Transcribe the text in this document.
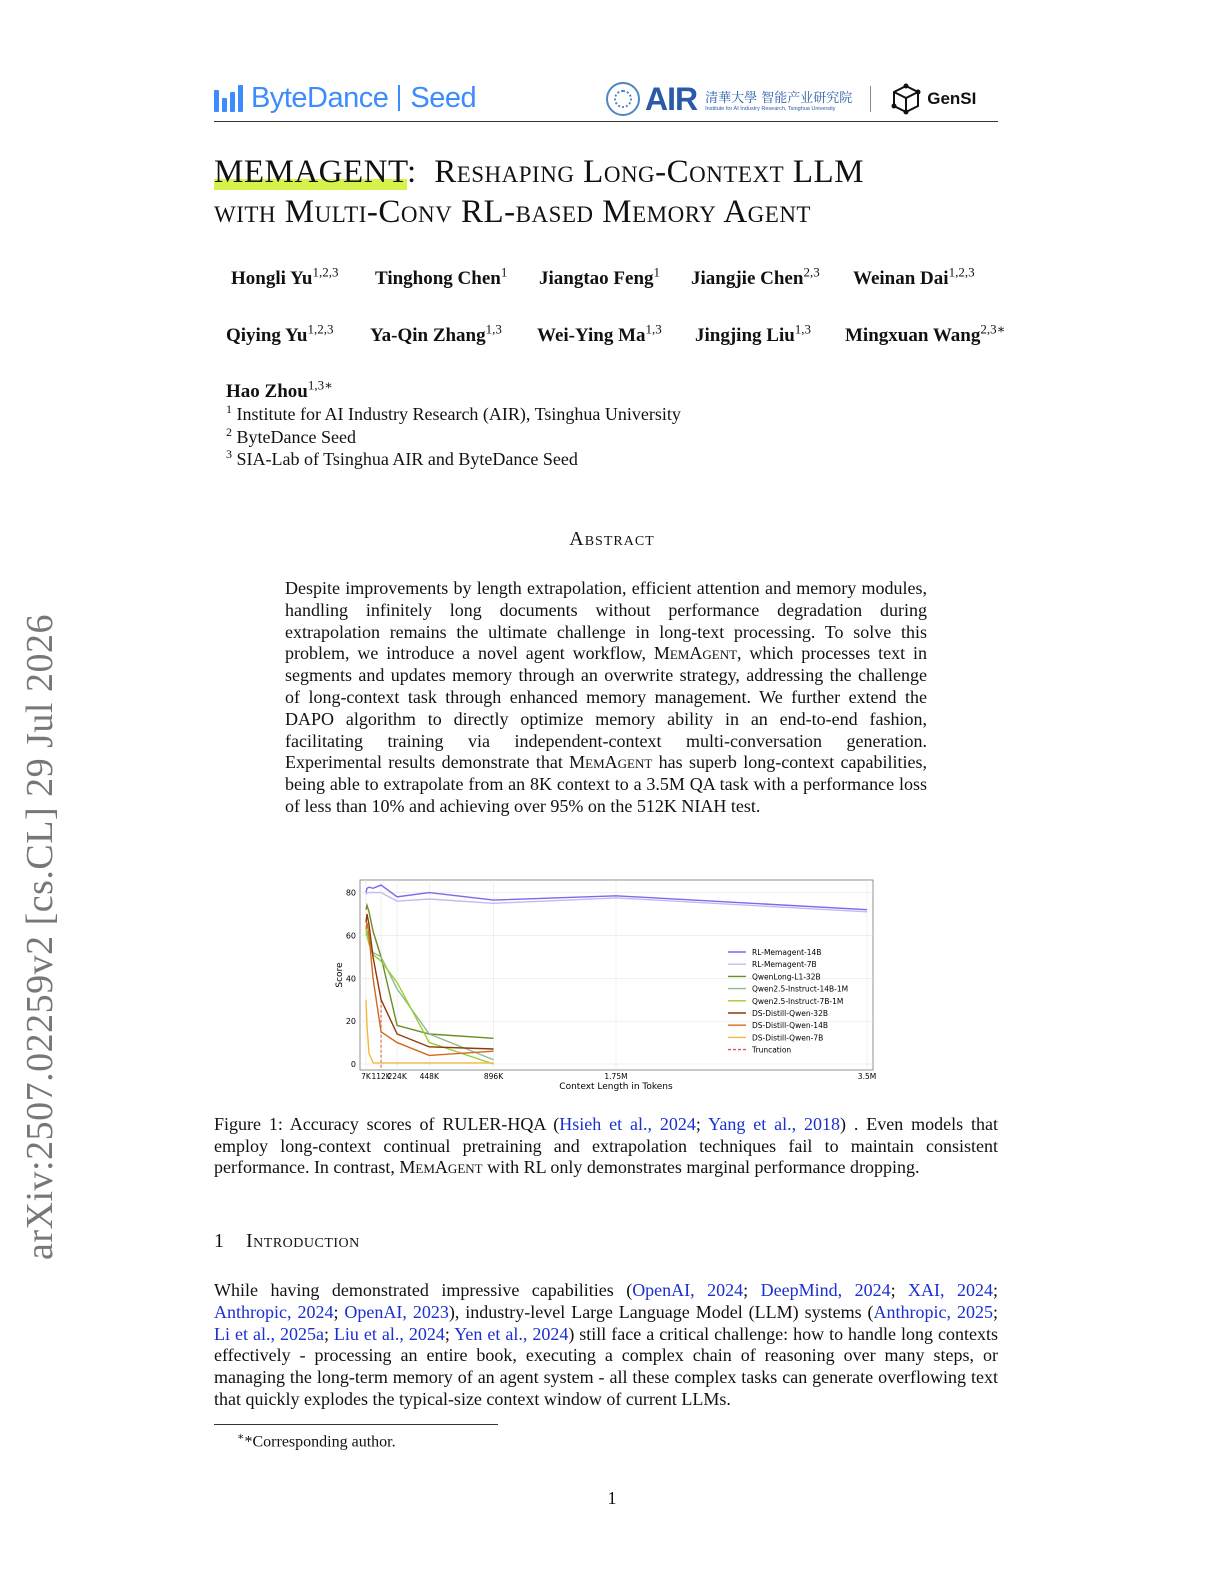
ByteDance Seed	AIR 清華大學 智能产业研究院
Institute for AI Industry Research, Tsinghua University
GenSI
MEMAGENT: Reshaping Long-Context LLM
with Multi-Conv RL-based Memory Agent
Hongli Yu$^{1,2,3}$ Tinghong Chen$^1$ Jiangtao Feng$^1$ Jiangjie Chen$^{2,3}$ Weinan Dai$^{1,2,3}$
Qiying Yu$^{1,2,3}$ Ya-Qin Zhang$^{1,3}$ Wei-Ying Ma$^{1,3}$ Jingjing Liu$^{1,3}$ Mingxuan Wang$^{2,3∗}$
Hao Zhou$^{1,3∗}$
$^1$ Institute for AI Industry Research (AIR), Tsinghua University
$^2$ ByteDance Seed
$^3$ SIA-Lab of Tsinghua AIR and ByteDance Seed
Abstract
Despite improvements by length extrapolation, efficient attention and memory modules, handling infinitely long documents without performance degradation during extrapolation remains the ultimate challenge in long-text processing. To solve this problem, we introduce a novel agent workflow, MemAgent, which processes text in segments and updates memory through an overwrite strategy, addressing the challenge of long-context task through enhanced memory management. We further extend the DAPO algorithm to directly optimize memory ability in an end-to-end fashion, facilitating training via independent-context multi-conversation generation. Experimental results demonstrate that MemAgent has superb long-context capabilities, being able to extrapolate from an 8K context to a 3.5M QA task with a performance loss of less than 10% and achieving over 95% on the 512K NIAH test.
0
20
40
60
80
7K 112K
224K 448K	896K	1.75M	3.5M
RL-Memagent-14B
RL-Memagent-7B
QwenLong-L1-32B
Qwen2.5-Instruct-14B-1M
Qwen2.5-Instruct-7B-1M
DS-Distill-Qwen-32B
DS-Distill-Qwen-14B
DS-Distill-Qwen-7B
Truncation
Context Length in Tokens
Score
Figure 1: Accuracy scores of RULER-HQA (Hsieh et al., 2024; Yang et al., 2018) . Even models that employ long-context continual pretraining and extrapolation techniques fail to maintain consistent performance. In contrast, MemAgent with RL only demonstrates marginal performance dropping.
1 Introduction
While having demonstrated impressive capabilities (OpenAI, 2024; DeepMind, 2024; XAI, 2024; Anthropic, 2024; OpenAI, 2023), industry-level Large Language Model (LLM) systems (Anthropic, 2025; Li et al., 2025a; Liu et al., 2024; Yen et al., 2024) still face a critical challenge: how to handle long contexts effectively - processing an entire book, executing a complex chain of reasoning over many steps, or managing the long-term memory of an agent system - all these complex tasks can generate overflowing text that quickly explodes the typical-size context window of current LLMs.
∗*Corresponding author.
1
arXiv:2507.02259v2 [cs.CL] 29 Jul 2026
